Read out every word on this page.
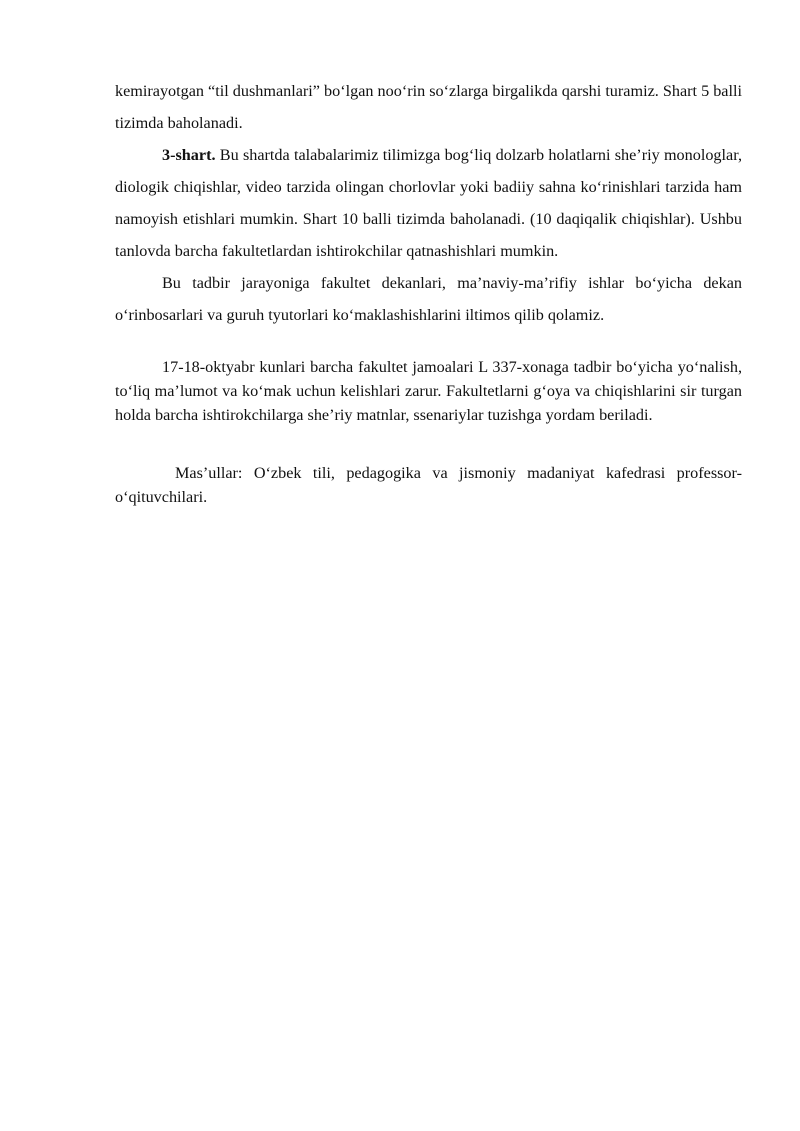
kemirayotgan “til dushmanlari” bo‘lgan noo‘rin so‘zlarga birgalikda qarshi turamiz. Shart 5 balli tizimda baholanadi.

3-shart. Bu shartda talabalarimiz tilimizga bog‘liq dolzarb holatlarni she’riy monologlar, diologik chiqishlar, video tarzida olingan chorlovlar yoki badiiy sahna ko‘rinishlari tarzida ham namoyish etishlari mumkin. Shart 10 balli tizimda baholanadi. (10 daqiqalik chiqishlar). Ushbu tanlovda barcha fakultetlardan ishtirokchilar qatnashishlari mumkin.

Bu tadbir jarayoniga fakultet dekanlari, ma’naviy-ma’rifiy ishlar bo‘yicha dekan o‘rinbosarlari va guruh tyutorlari ko‘maklashishlarini iltimos qilib qolamiz.

17-18-oktyabr kunlari barcha fakultet jamoalari L 337-xonaga tadbir bo‘yicha yo‘nalish, to‘liq ma’lumot va ko‘mak uchun kelishlari zarur. Fakultetlarni g‘oya va chiqishlarini sir turgan holda barcha ishtirokchilarga she’riy matnlar, ssenariylar tuzishga yordam beriladi.

Mas’ullar: O‘zbek tili, pedagogika va jismoniy madaniyat kafedrasi professor-o‘qituvchilari.
